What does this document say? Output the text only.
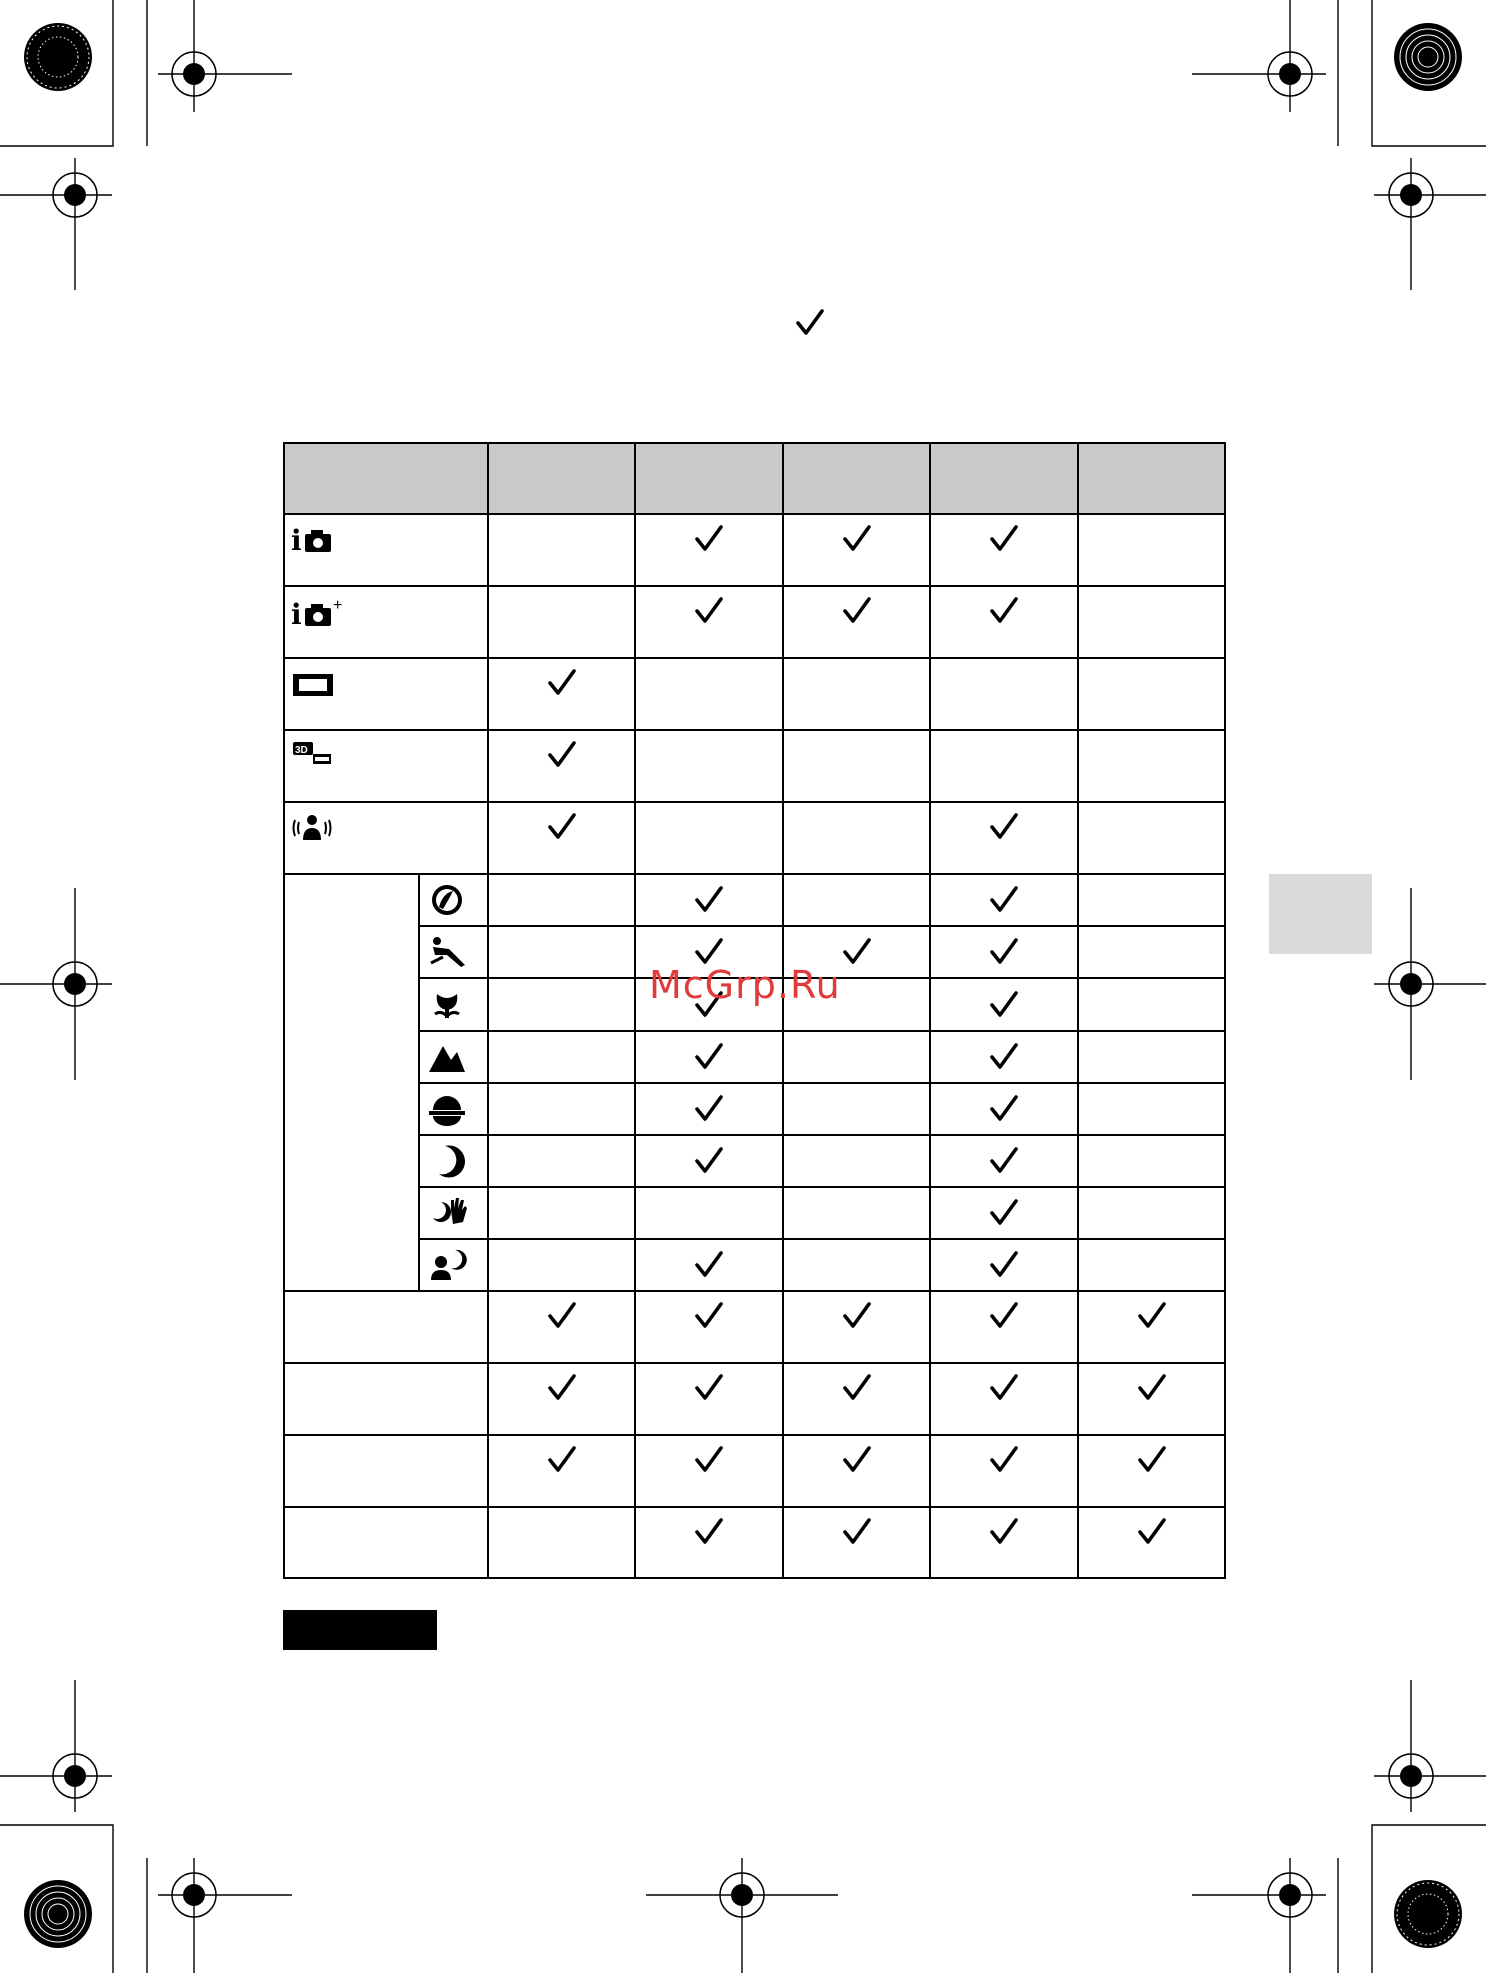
i
i +
3D
McGrp.Ru
